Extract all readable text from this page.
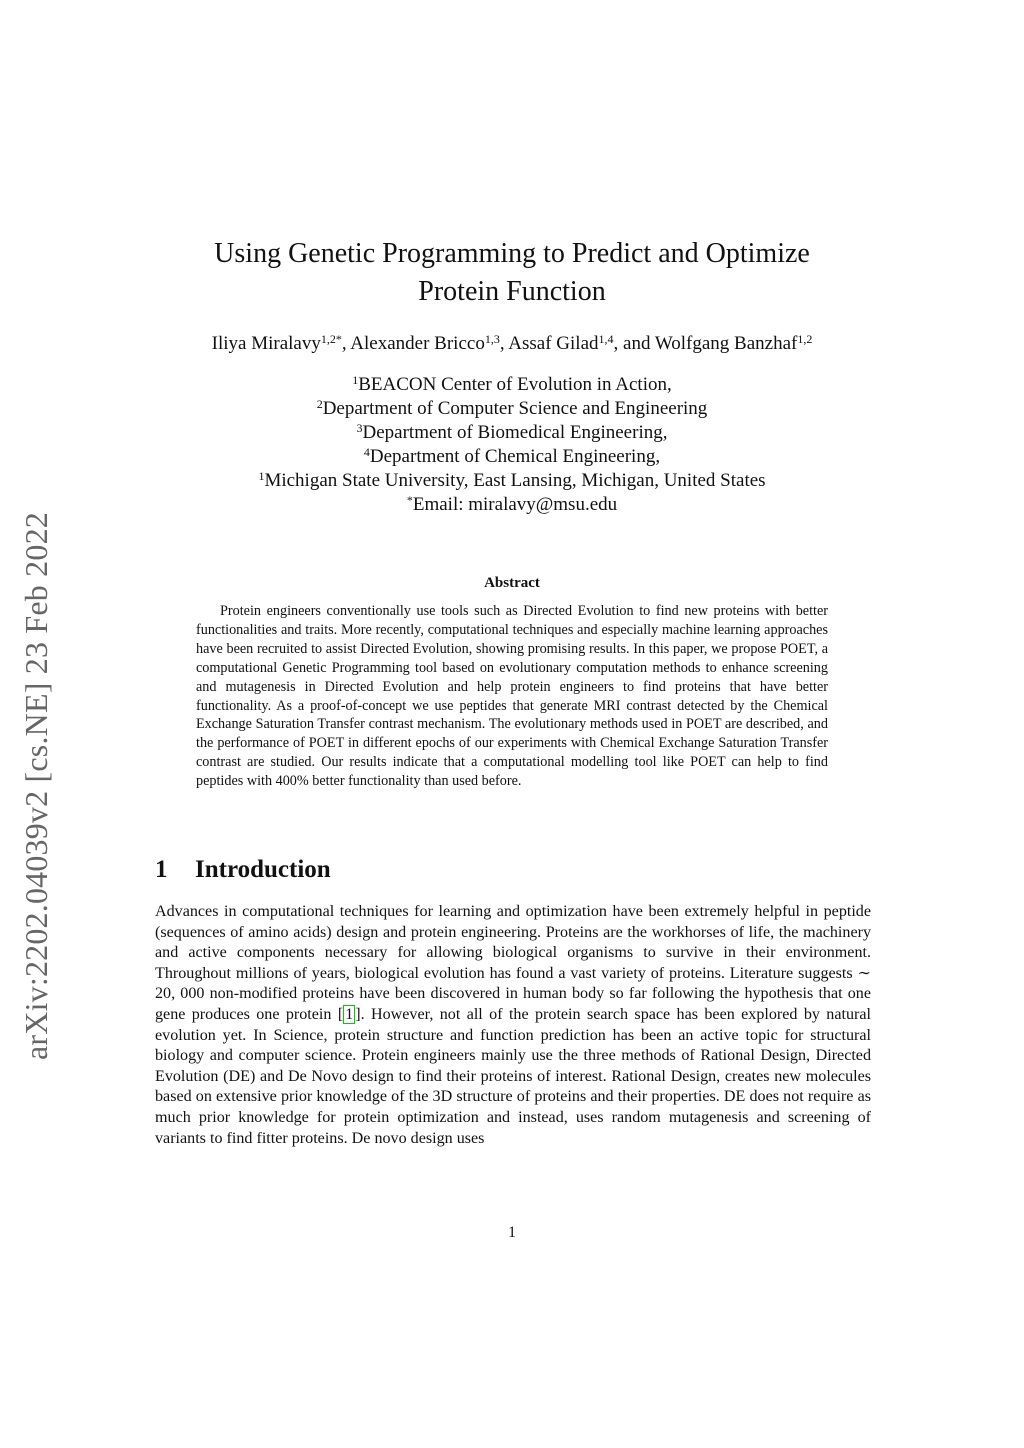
arXiv:2202.04039v2 [cs.NE] 23 Feb 2022
Using Genetic Programming to Predict and Optimize
Protein Function
Iliya Miralavy$^{1,2*}$, Alexander Bricco$^{1,3}$, Assaf Gilad$^{1,4}$, and Wolfgang Banzhaf$^{1,2}$
$^1$BEACON Center of Evolution in Action,
$^2$Department of Computer Science and Engineering
$^3$Department of Biomedical Engineering,
$^4$Department of Chemical Engineering,
$^1$Michigan State University, East Lansing, Michigan, United States
*Email: miralavy@msu.edu
Abstract

Protein engineers conventionally use tools such as Directed Evolution to find new proteins with better functionalities and traits. More recently, computational techniques and especially machine learning approaches have been recruited to assist Directed Evolution, showing promising results. In this paper, we propose POET, a computational Genetic Programming tool based on evolutionary computation methods to enhance screening and mutagenesis in Directed Evolution and help protein engineers to find proteins that have better functionality. As a proof-of-concept we use peptides that generate MRI contrast detected by the Chemical Exchange Saturation Transfer contrast mechanism. The evolutionary methods used in POET are described, and the performance of POET in different epochs of our experiments with Chemical Exchange Saturation Transfer contrast are studied. Our results indicate that a computational modelling tool like POET can help to find peptides with 400% better functionality than used before.

1 Introduction

Advances in computational techniques for learning and optimization have been extremely helpful in peptide (sequences of amino acids) design and protein engineering. Proteins are the workhorses of life, the machinery and active components necessary for allowing biological organisms to survive in their environment. Throughout millions of years, biological evolution has found a vast variety of proteins. Literature suggests ∼ 20, 000 non-modified proteins have been discovered in human body so far following the hypothesis that one gene produces one protein [ 1 ]. However, not all of the protein search space has been explored by natural evolution yet. In Science, protein structure and function prediction has been an active topic for structural biology and computer science. Protein engineers mainly use the three methods of Rational Design, Directed Evolution (DE) and De Novo design to find their proteins of interest. Rational Design, creates new molecules based on extensive prior knowledge of the 3D structure of proteins and their properties. DE does not require as much prior knowledge for protein optimization and instead, uses random mutagenesis and screening of variants to find fitter proteins. De novo design uses

1
